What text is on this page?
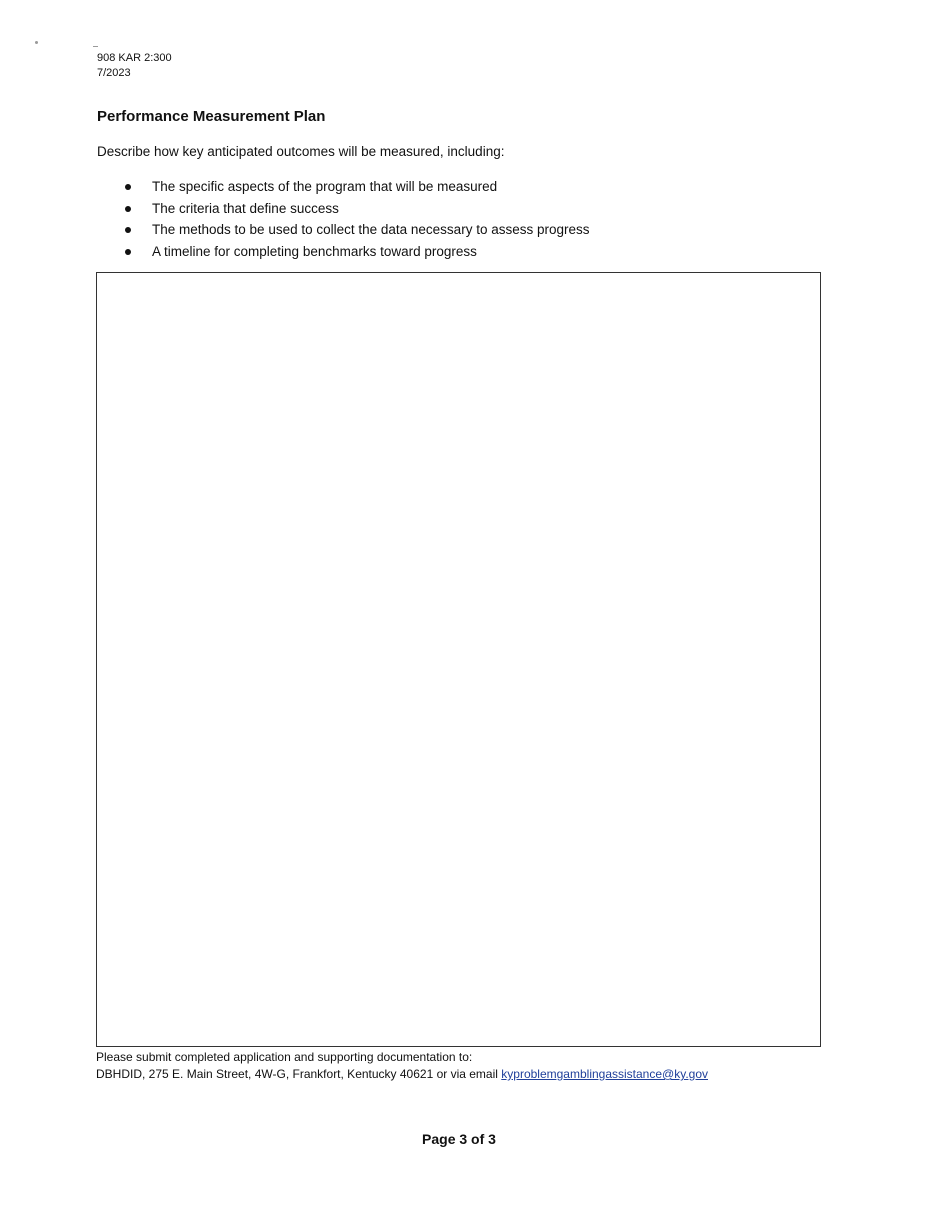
908 KAR 2:300
7/2023
Performance Measurement Plan
Describe how key anticipated outcomes will be measured, including:
The specific aspects of the program that will be measured
The criteria that define success
The methods to be used to collect the data necessary to assess progress
A timeline for completing benchmarks toward progress
Please submit completed application and supporting documentation to:
DBHDID, 275 E. Main Street, 4W-G, Frankfort, Kentucky 40621 or via email kyproblemgamblingassistance@ky.gov
Page 3 of 3
